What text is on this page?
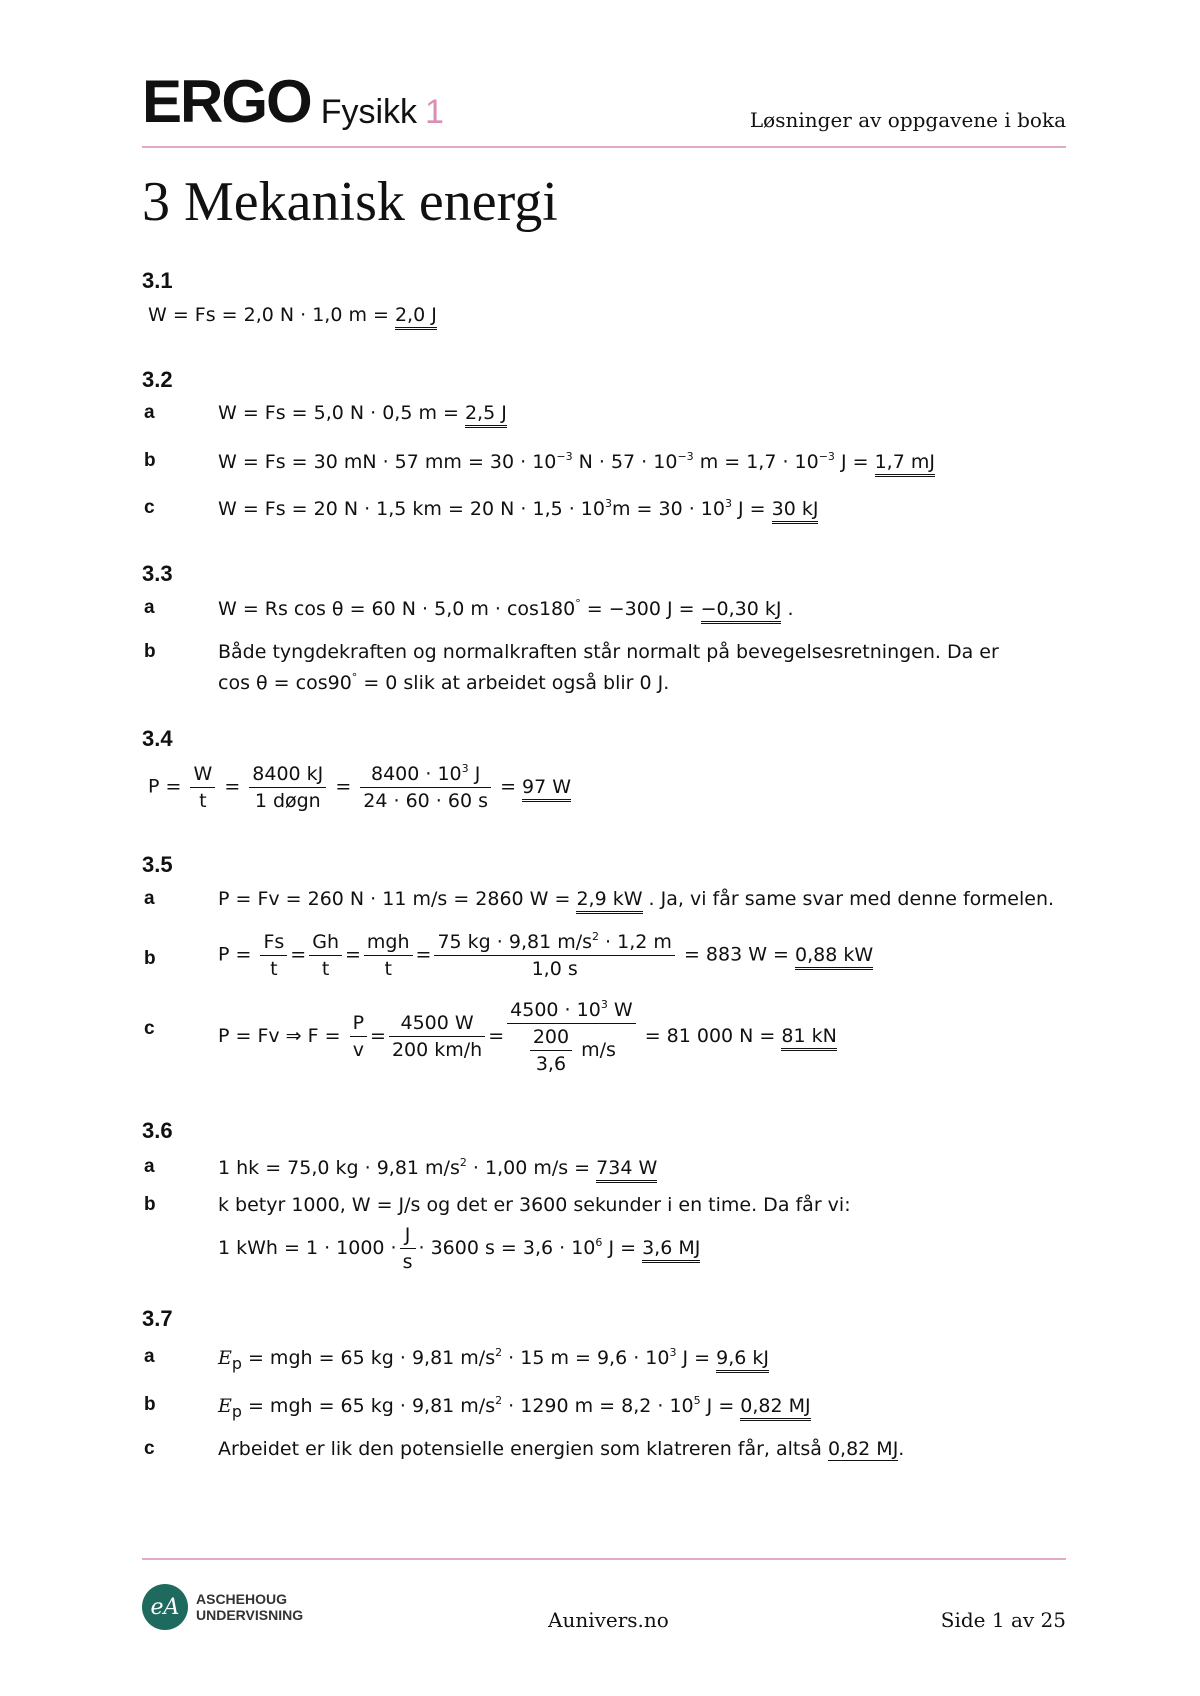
ERGO Fysikk 1	Løsninger av oppgavene i boka
3 Mekanisk energi
3.1
W = Fs = 2,0 N · 1,0 m = 2,0 J
3.2
a	W = Fs = 5,0 N · 0,5 m = 2,5 J
b	W = Fs = 30 mN · 57 mm = $30 \cdot 10^{-3}$ $N \cdot 57 \cdot 10^{-3}$ $m = 1,7 \cdot 10^{-3}$ J = 1,7 mJ
c	W = Fs = 20 N · 1,5 km = 20 $N \cdot 1,5 \cdot 10^3m = 30 \cdot 10^3$ J = 30 kJ
3.3
a	W = Rs cos θ = 60 N · 5,0 m · cos180° = −300 J = −0,30 kJ .
b	Både tyngdekraften og normalkraften står normalt på bevegelsesretningen. Da er
cos θ = cos90° = 0 slik at arbeidet også blir 0 J.
3.4
$P = \frac{W}{t} = \frac{8400 kJ}{\text{1 døgn}} = \frac{8400 \cdot 10^3 J}{24 \cdot 60 \cdot 60 s} = 97$ W
3.5
a	P = Fv = 260 N · 11 m/s = 2860 W = 2,9 kW . Ja, vi får same svar med denne formelen.
b	$P = \frac{Fs}{t} = \frac{Gh}{t} = \frac{\text{mgh}}{t} = \frac{75 kg \cdot 9,81 m/s^2 \cdot 1,2 m}{1,0 s} = 883$ W = 0,88 kW
c	P = Fv ⇒ $F = \frac{P}{v} = \frac{4500 W}{200 km/h} = \frac{4500 \cdot 10^3 W}{\frac{200}{3,6} m/s} = 81$ 000 N = 81 kN
3.6
a	1 hk = 75,0 kg · 9,81 $m/s^2 \cdot 1,00$ m/s = 734 W
b	k betyr 1000, W = J/s og det er 3600 sekunder i en time. Da får vi:
1 kWh = $1 \cdot 1000 \cdot \frac{J}{s} \cdot 3600$ $s = 3,6 \cdot 10^6$ J = 3,6 MJ
3.7
a	$E_p$ = mgh = 65 kg · 9,81 $m/s^2 \cdot 15$ $m = 9,6 \cdot 10^3$ J = 9,6 kJ
b	$E_p$ = mgh = 65 kg · 9,81 $m/s^2 \cdot 1290$ $m = 8,2 \cdot 10^5$ J = 0,82 MJ
c	Arbeidet er lik den potensielle energien som klatreren får, altså 0,82 MJ.
eA	ASCHEHOUG
UNDERVISNING	Aunivers.no	Side 1 av 25
